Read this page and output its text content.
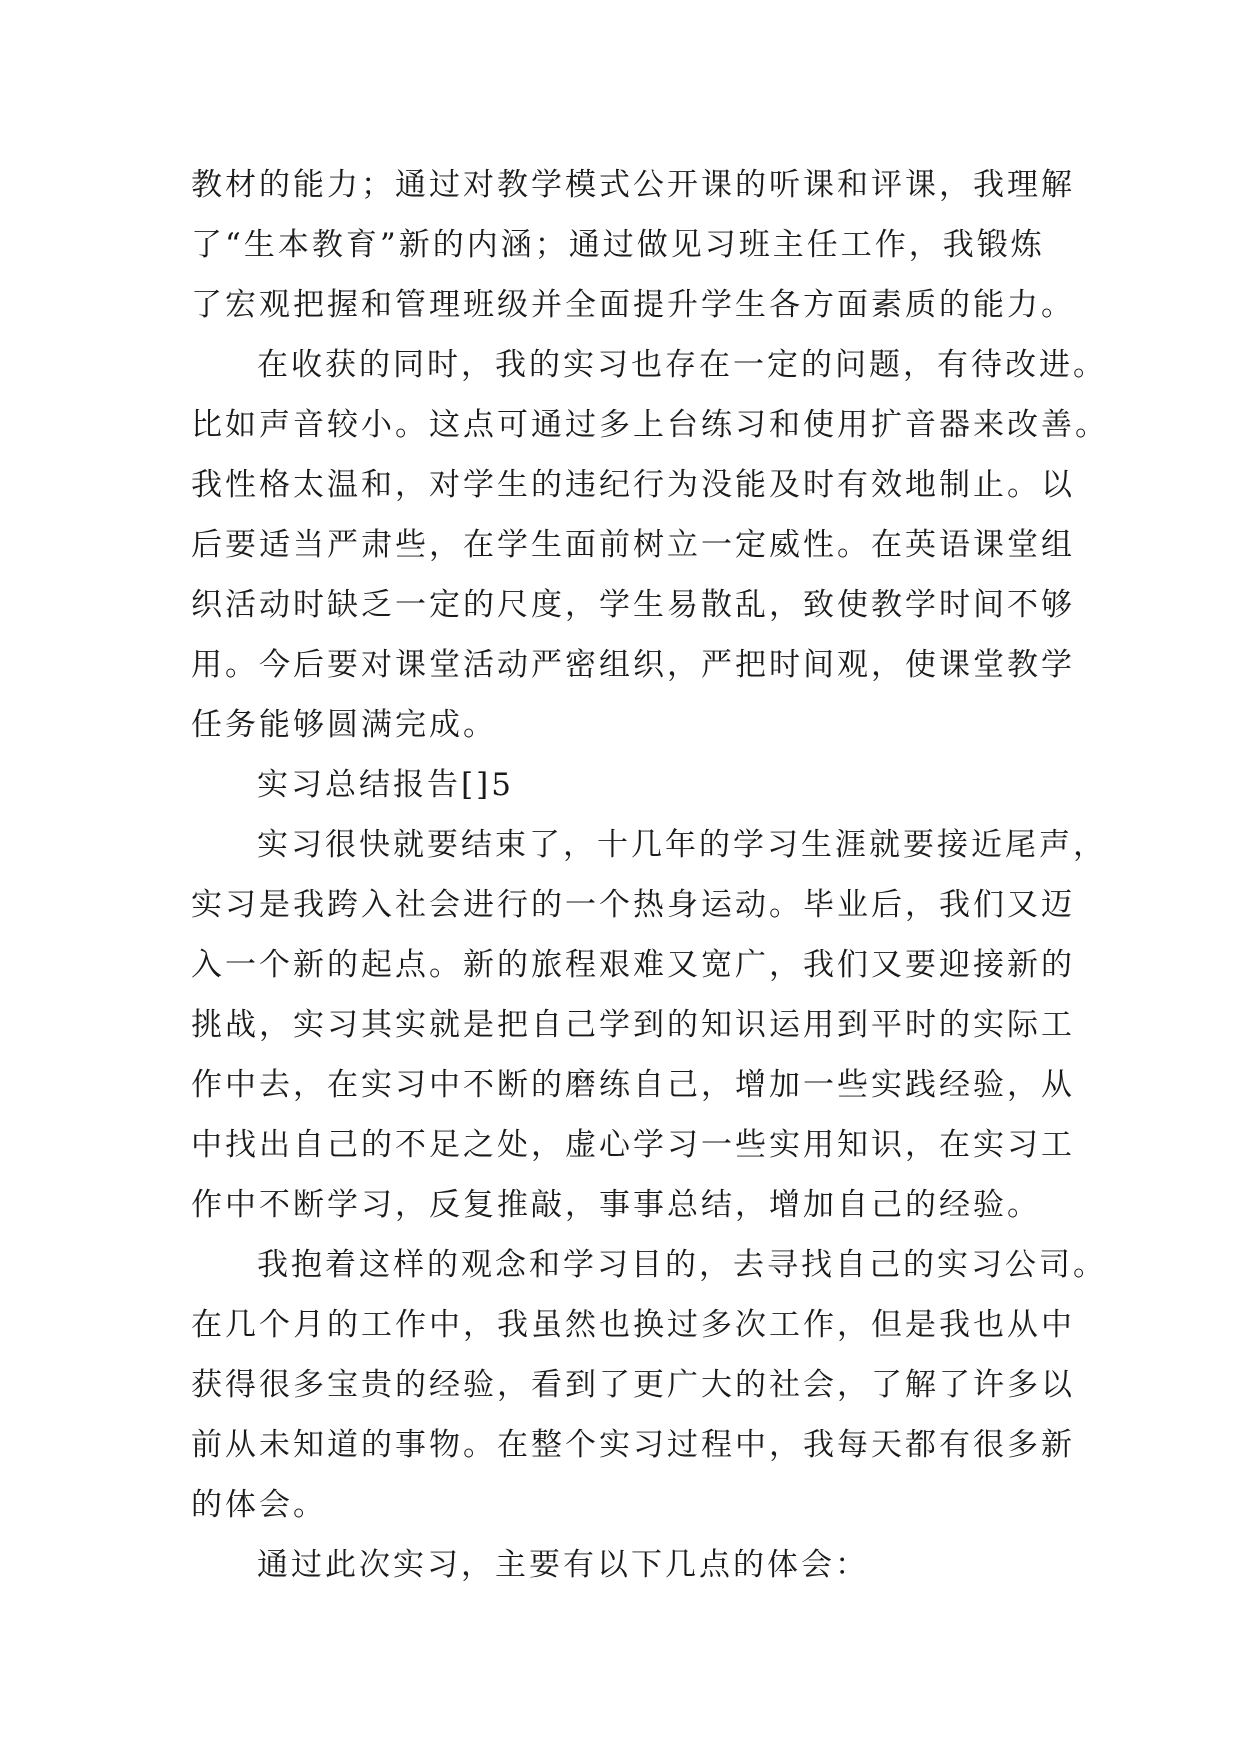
教材的能力；通过对教学模式公开课的听课和评课，我理解
了“生本教育”新的内涵；通过做见习班主任工作，我锻炼
了宏观把握和管理班级并全面提升学生各方面素质的能力。
在收获的同时，我的实习也存在一定的问题，有待改进。
比如声音较小。这点可通过多上台练习和使用扩音器来改善。
我性格太温和，对学生的违纪行为没能及时有效地制止。以
后要适当严肃些，在学生面前树立一定威性。在英语课堂组
织活动时缺乏一定的尺度，学生易散乱，致使教学时间不够
用。今后要对课堂活动严密组织，严把时间观，使课堂教学
任务能够圆满完成。
实习总结报告[]5
实习很快就要结束了，十几年的学习生涯就要接近尾声，
实习是我跨入社会进行的一个热身运动。毕业后，我们又迈
入一个新的起点。新的旅程艰难又宽广，我们又要迎接新的
挑战，实习其实就是把自己学到的知识运用到平时的实际工
作中去，在实习中不断的磨练自己，增加一些实践经验，从
中找出自己的不足之处，虚心学习一些实用知识，在实习工
作中不断学习，反复推敲，事事总结，增加自己的经验。
我抱着这样的观念和学习目的，去寻找自己的实习公司。
在几个月的工作中，我虽然也换过多次工作，但是我也从中
获得很多宝贵的经验，看到了更广大的社会，了解了许多以
前从未知道的事物。在整个实习过程中，我每天都有很多新
的体会。
通过此次实习，主要有以下几点的体会：
